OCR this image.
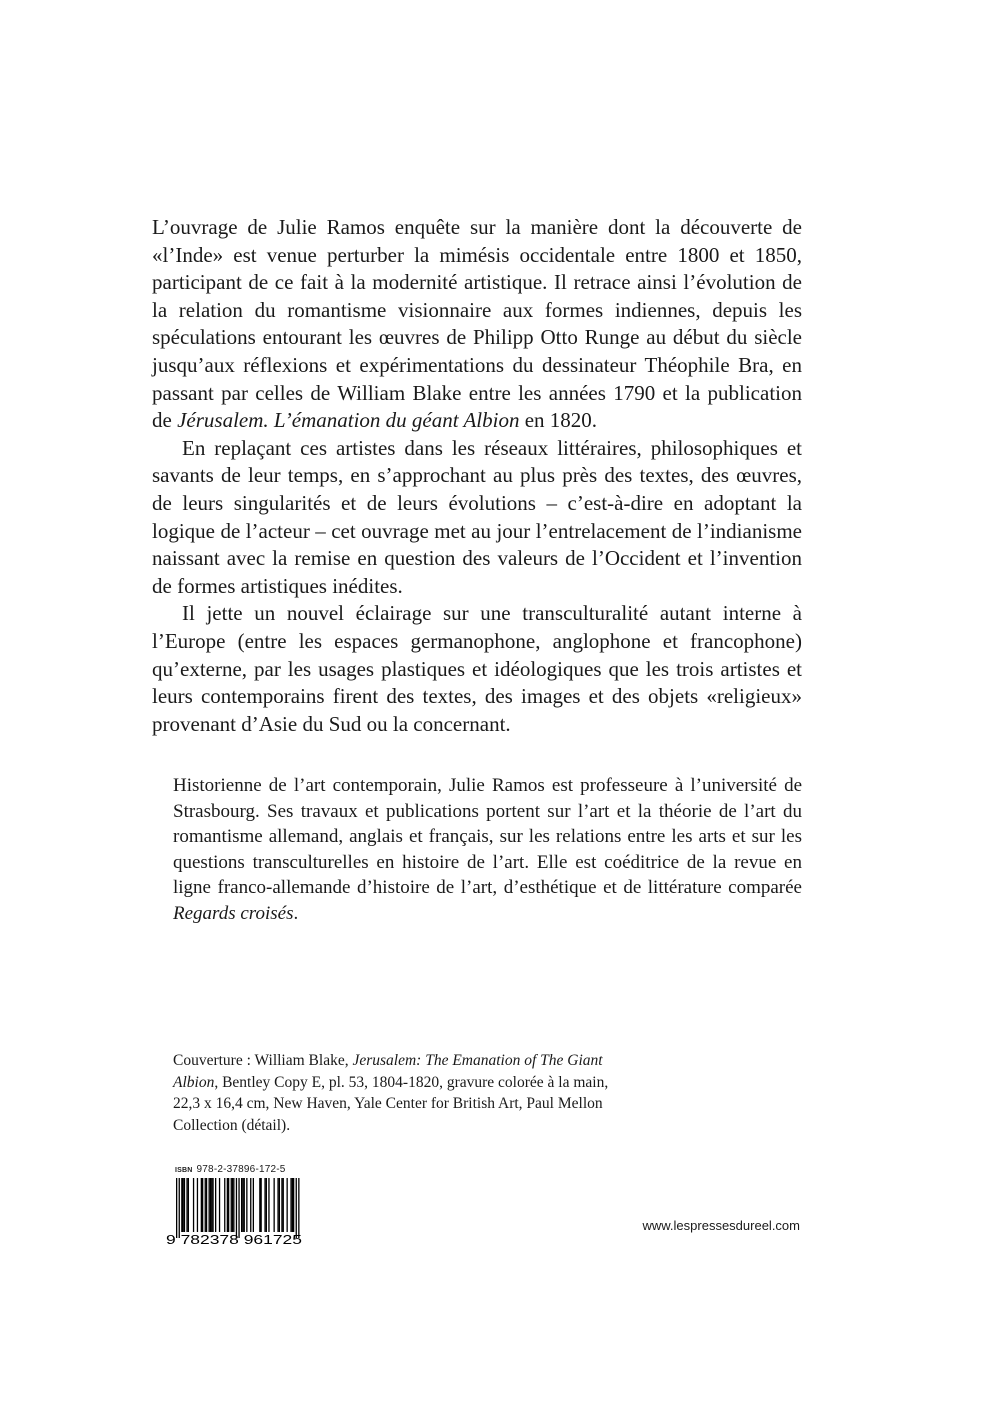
L’ouvrage de Julie Ramos enquête sur la manière dont la découverte de «l’Inde» est venue perturber la mimésis occidentale entre 1800 et 1850, participant de ce fait à la modernité artistique. Il retrace ainsi l’évolution de la relation du romantisme visionnaire aux formes indiennes, depuis les spéculations entourant les œuvres de Philipp Otto Runge au début du siècle jusqu’aux réflexions et expérimentations du dessinateur Théophile Bra, en passant par celles de William Blake entre les années 1790 et la publication de Jérusalem. L’émanation du géant Albion en 1820.

En replaçant ces artistes dans les réseaux littéraires, philosophiques et savants de leur temps, en s’approchant au plus près des textes, des œuvres, de leurs singularités et de leurs évolutions – c’est-à-dire en adoptant la logique de l’acteur – cet ouvrage met au jour l’entrelacement de l’indianisme naissant avec la remise en question des valeurs de l’Occident et l’invention de formes artistiques inédites.

Il jette un nouvel éclairage sur une transculturalité autant interne à l’Europe (entre les espaces germanophone, anglophone et francophone) qu’externe, par les usages plastiques et idéologiques que les trois artistes et leurs contemporains firent des textes, des images et des objets «religieux» provenant d’Asie du Sud ou la concernant.

Historienne de l’art contemporain, Julie Ramos est professeure à l’université de Strasbourg. Ses travaux et publications portent sur l’art et la théorie de l’art du romantisme allemand, anglais et français, sur les relations entre les arts et sur les questions transculturelles en histoire de l’art. Elle est coéditrice de la revue en ligne franco-allemande d’histoire de l’art, d’esthétique et de littérature comparée Regards croisés.

Couverture : William Blake, Jerusalem: The Emanation of The Giant Albion, Bentley Copy E, pl. 53, 1804-1820, gravure colorée à la main, 22,3 x 16,4 cm, New Haven, Yale Center for British Art, Paul Mellon Collection (détail).

ISBN 978-2-37896-172-5
9 782378 961725
www.lespressesdureel.com
